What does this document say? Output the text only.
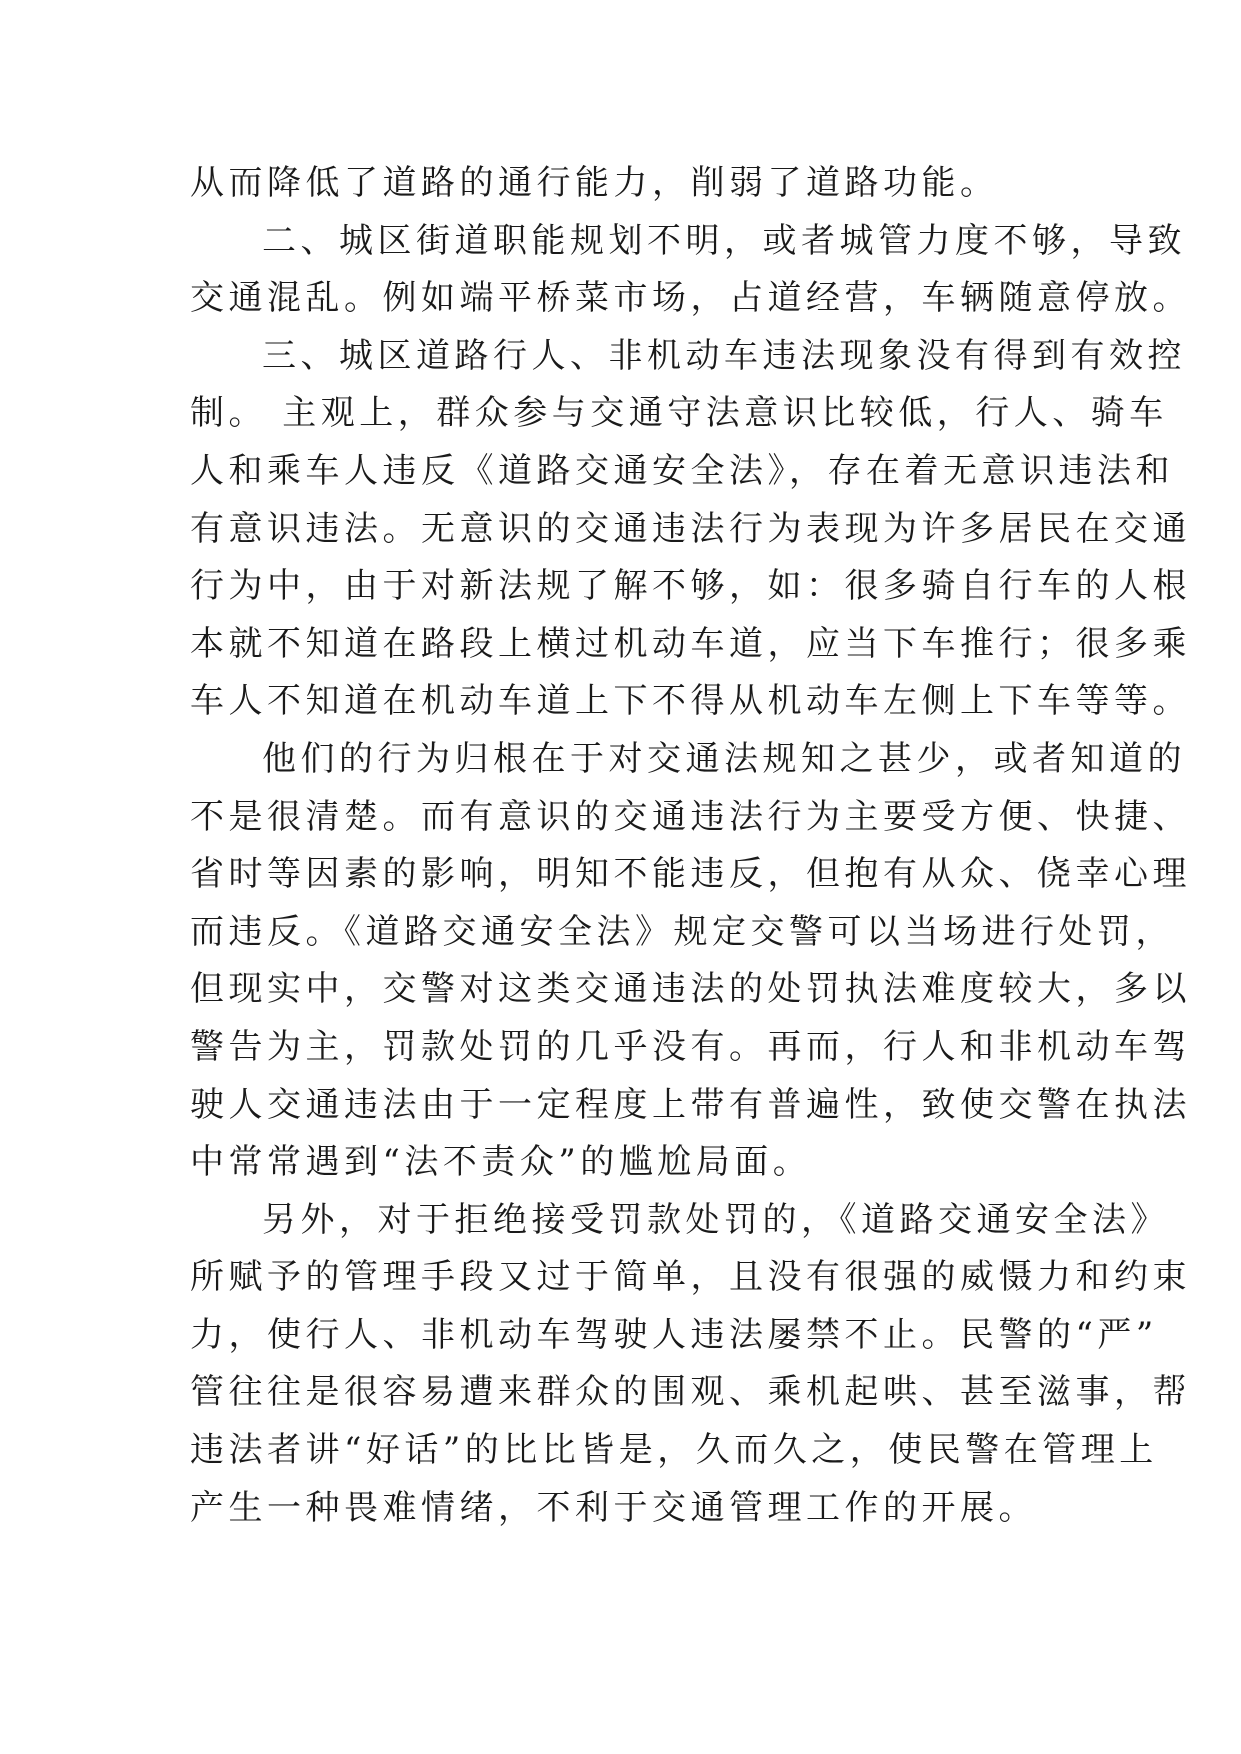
从而降低了道路的通行能力，削弱了道路功能。
二、城区街道职能规划不明，或者城管力度不够，导致
交通混乱。例如端平桥菜市场，占道经营，车辆随意停放。
三、城区道路行人、非机动车违法现象没有得到有效控
制。 主观上，群众参与交通守法意识比较低，行人、骑车
人和乘车人违反《道路交通安全法》，存在着无意识违法和
有意识违法。无意识的交通违法行为表现为许多居民在交通
行为中，由于对新法规了解不够，如：很多骑自行车的人根
本就不知道在路段上横过机动车道，应当下车推行；很多乘
车人不知道在机动车道上下不得从机动车左侧上下车等等。
他们的行为归根在于对交通法规知之甚少，或者知道的
不是很清楚。而有意识的交通违法行为主要受方便、快捷、
省时等因素的影响，明知不能违反，但抱有从众、侥幸心理
而违反。《道路交通安全法》规定交警可以当场进行处罚，
但现实中，交警对这类交通违法的处罚执法难度较大，多以
警告为主，罚款处罚的几乎没有。再而，行人和非机动车驾
驶人交通违法由于一定程度上带有普遍性，致使交警在执法
中常常遇到“法不责众”的尴尬局面。
另外，对于拒绝接受罚款处罚的，《道路交通安全法》
所赋予的管理手段又过于简单，且没有很强的威慑力和约束
力，使行人、非机动车驾驶人违法屡禁不止。民警的“严”
管往往是很容易遭来群众的围观、乘机起哄、甚至滋事，帮
违法者讲“好话”的比比皆是，久而久之，使民警在管理上
产生一种畏难情绪，不利于交通管理工作的开展。
